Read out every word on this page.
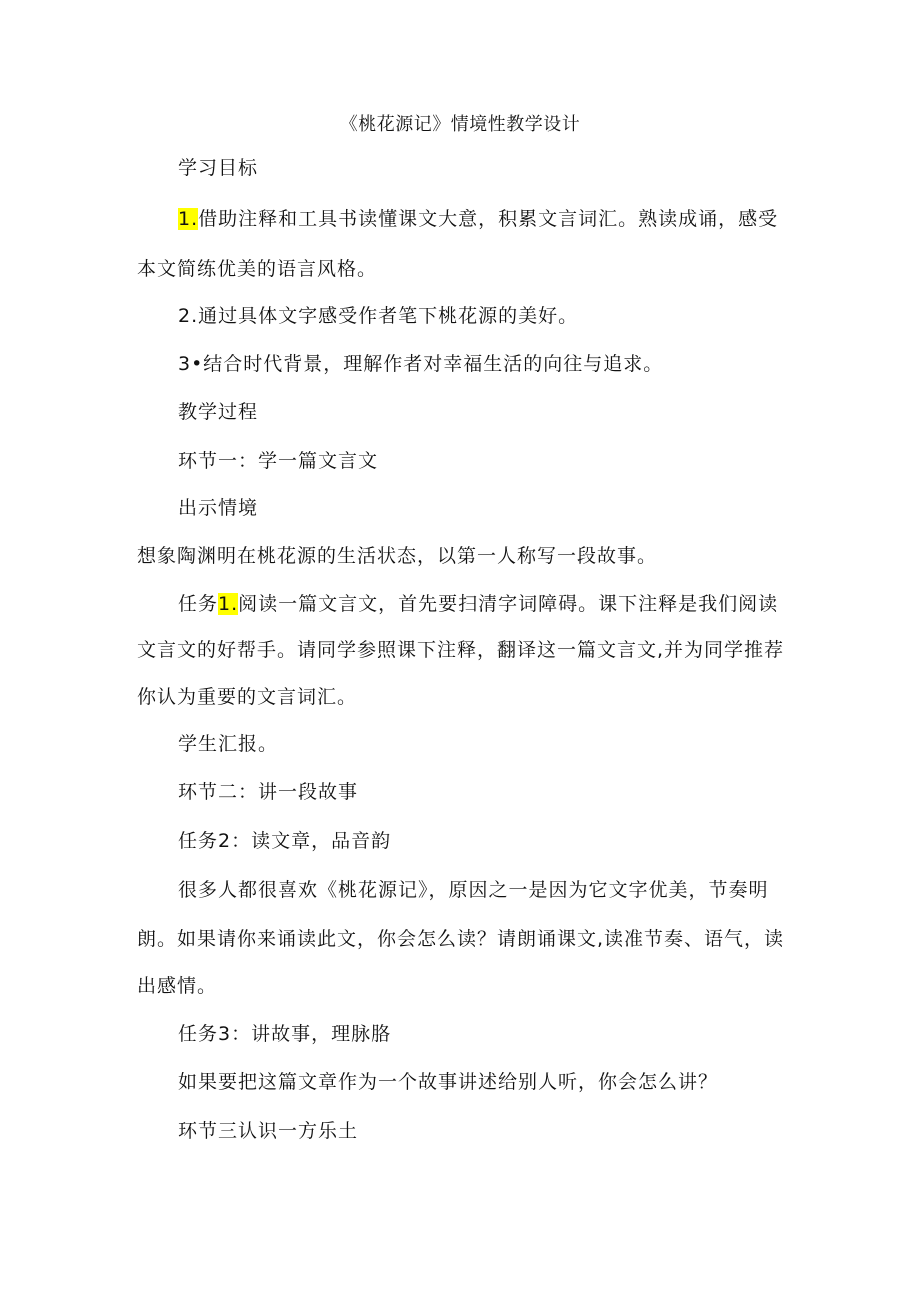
《桃花源记》情境性教学设计
学习目标
1.借助注释和工具书读懂课文大意，积累文言词汇。熟读成诵，感受
本文简练优美的语言风格。
2.通过具体文字感受作者笔下桃花源的美好。
3•结合时代背景，理解作者对幸福生活的向往与追求。
教学过程
环节一：学一篇文言文
出示情境
想象陶渊明在桃花源的生活状态，以第一人称写一段故事。
任务1.阅读一篇文言文，首先要扫清字词障碍。课下注释是我们阅读
文言文的好帮手。请同学参照课下注释，翻译这一篇文言文,并为同学推荐
你认为重要的文言词汇。
学生汇报。
环节二：讲一段故事
任务2：读文章，品音韵
很多人都很喜欢《桃花源记》，原因之一是因为它文字优美，节奏明
朗。如果请你来诵读此文，你会怎么读？请朗诵课文,读准节奏、语气，读
出感情。
任务3：讲故事，理脉胳
如果要把这篇文章作为一个故事讲述给别人听，你会怎么讲？
环节三认识一方乐土
